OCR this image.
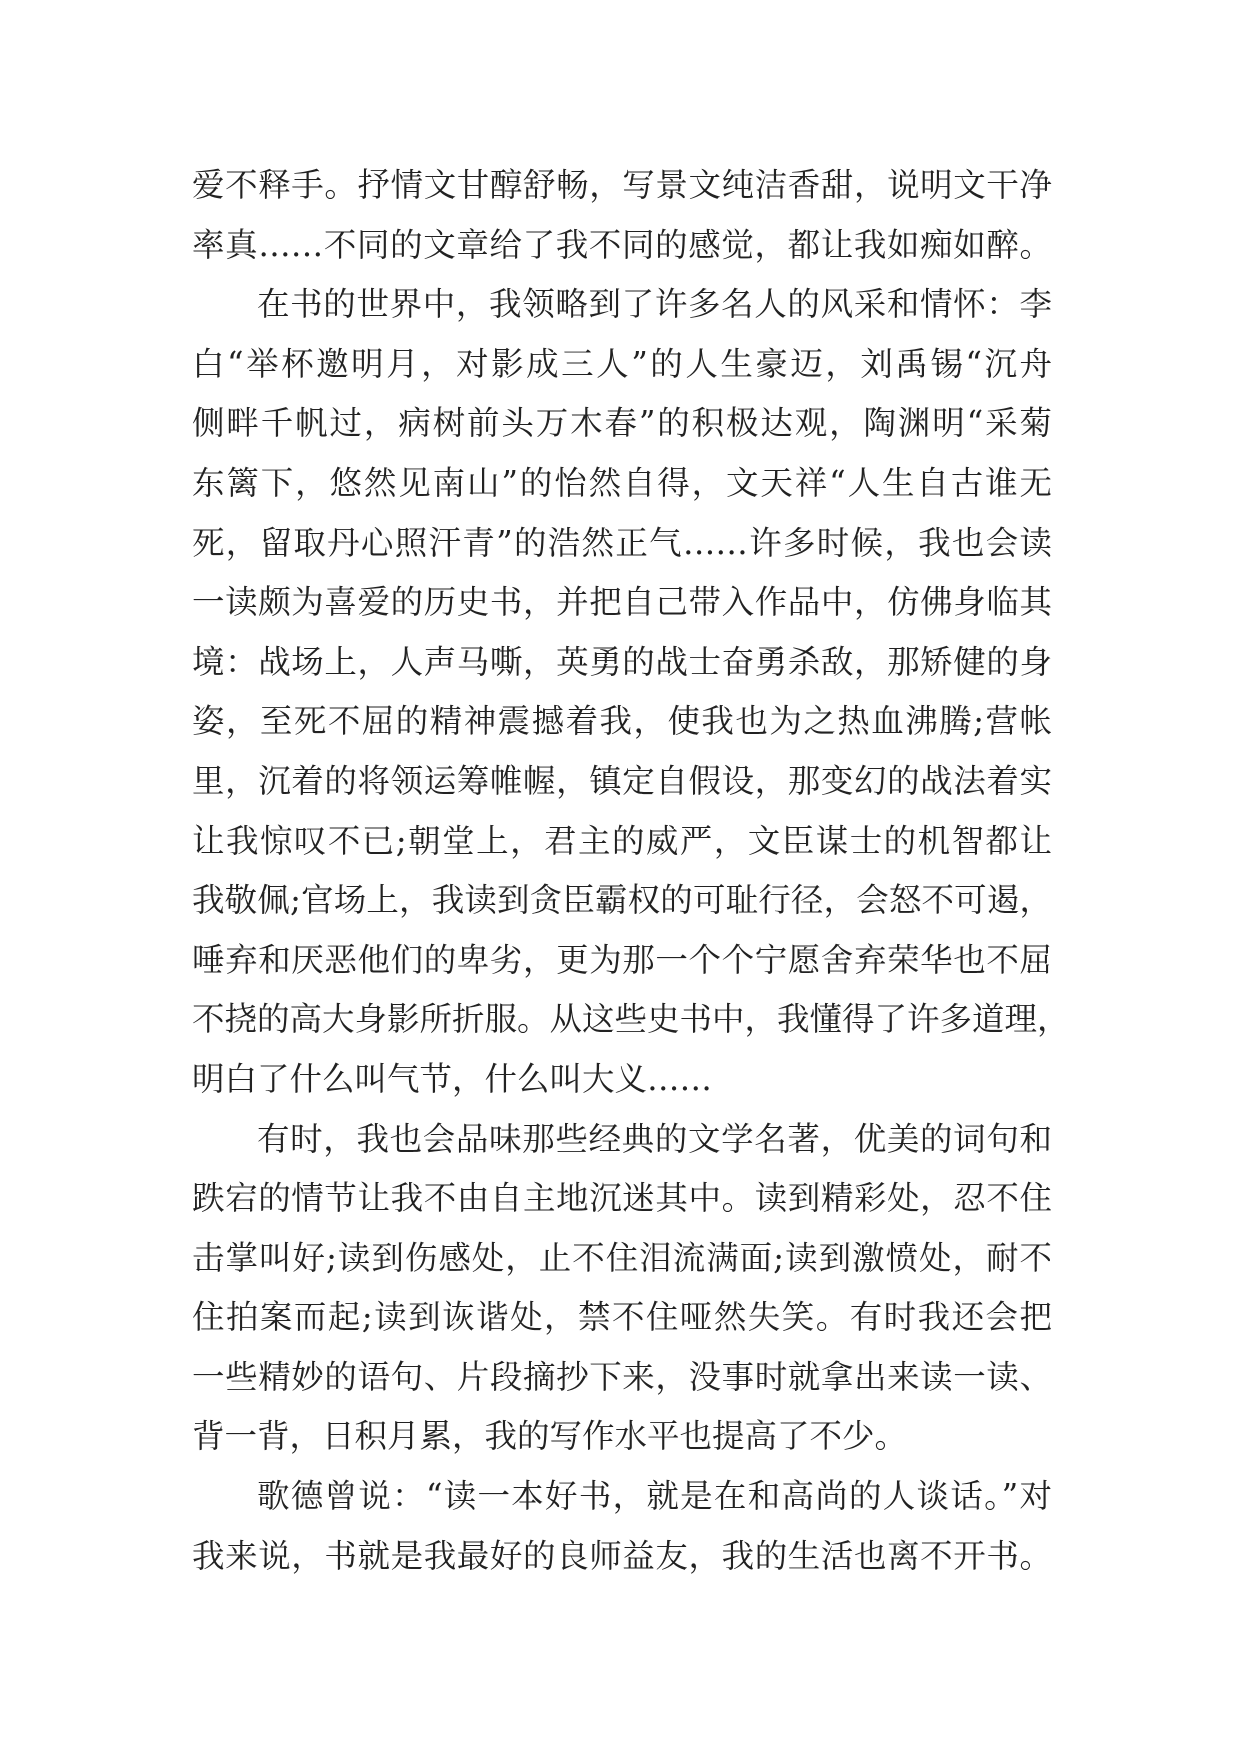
爱不释手。抒情文甘醇舒畅，写景文纯洁香甜，说明文干净
率真……不同的文章给了我不同的感觉，都让我如痴如醉。
在书的世界中，我领略到了许多名人的风采和情怀：李
白“举杯邀明月，对影成三人”的人生豪迈，刘禹锡“沉舟
侧畔千帆过，病树前头万木春”的积极达观，陶渊明“采菊
东篱下，悠然见南山”的怡然自得，文天祥“人生自古谁无
死，留取丹心照汗青”的浩然正气……许多时候，我也会读
一读颇为喜爱的历史书，并把自己带入作品中，仿佛身临其
境：战场上，人声马嘶，英勇的战士奋勇杀敌，那矫健的身
姿，至死不屈的精神震撼着我，使我也为之热血沸腾;营帐
里，沉着的将领运筹帷幄，镇定自假设，那变幻的战法着实
让我惊叹不已;朝堂上，君主的威严，文臣谋士的机智都让
我敬佩;官场上，我读到贪臣霸权的可耻行径，会怒不可遏，
唾弃和厌恶他们的卑劣，更为那一个个宁愿舍弃荣华也不屈
不挠的高大身影所折服。从这些史书中，我懂得了许多道理，
明白了什么叫气节，什么叫大义……
有时，我也会品味那些经典的文学名著，优美的词句和
跌宕的情节让我不由自主地沉迷其中。读到精彩处，忍不住
击掌叫好;读到伤感处，止不住泪流满面;读到激愤处，耐不
住拍案而起;读到诙谐处，禁不住哑然失笑。有时我还会把
一些精妙的语句、片段摘抄下来，没事时就拿出来读一读、
背一背，日积月累，我的写作水平也提高了不少。
歌德曾说：“读一本好书，就是在和高尚的人谈话。”对
我来说，书就是我最好的良师益友，我的生活也离不开书。
